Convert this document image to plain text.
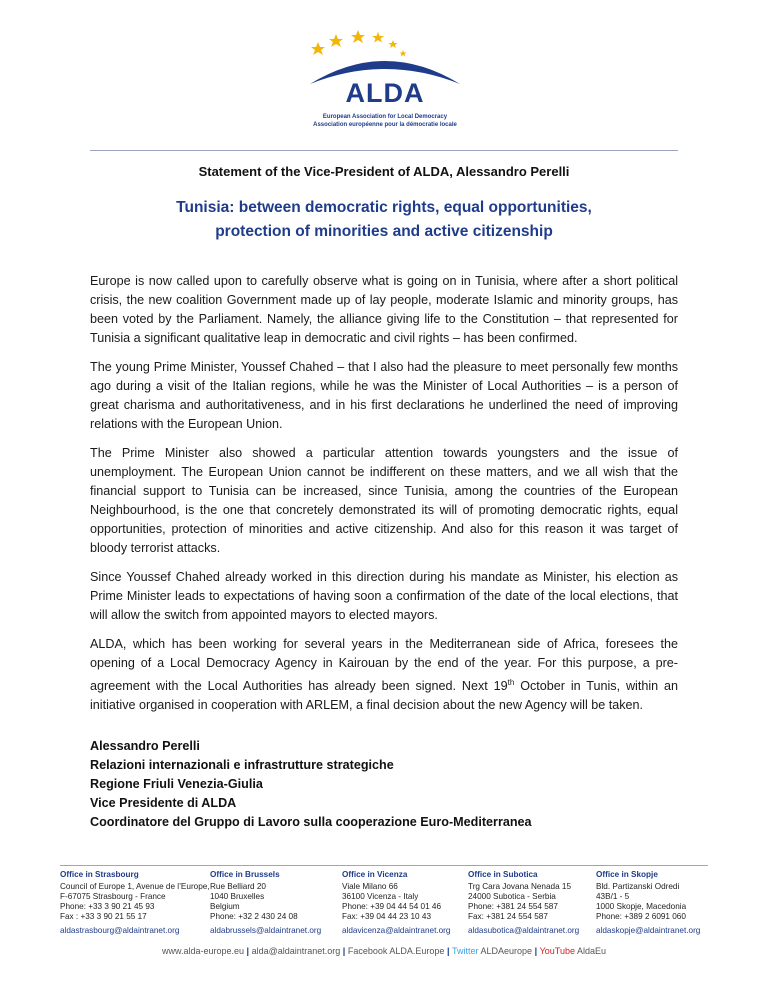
ALDA
European Association for Local Democracy
Association européenne pour la démocratie locale
Statement of the Vice-President of ALDA, Alessandro Perelli
Tunisia: between democratic rights, equal opportunities,
protection of minorities and active citizenship

Europe is now called upon to carefully observe what is going on in Tunisia, where after a short political crisis, the new coalition Government made up of lay people, moderate Islamic and minority groups, has been voted by the Parliament. Namely, the alliance giving life to the Constitution – that represented for Tunisia a significant qualitative leap in democratic and civil rights – has been confirmed.

The young Prime Minister, Youssef Chahed – that I also had the pleasure to meet personally few months ago during a visit of the Italian regions, while he was the Minister of Local Authorities – is a person of great charisma and authoritativeness, and in his first declarations he underlined the need of improving relations with the European Union.

The Prime Minister also showed a particular attention towards youngsters and the issue of unemployment. The European Union cannot be indifferent on these matters, and we all wish that the financial support to Tunisia can be increased, since Tunisia, among the countries of the European Neighbourhood, is the one that concretely demonstrated its will of promoting democratic rights, equal opportunities, protection of minorities and active citizenship. And also for this reason it was target of bloody terrorist attacks.

Since Youssef Chahed already worked in this direction during his mandate as Minister, his election as Prime Minister leads to expectations of having soon a confirmation of the date of the local elections, that will allow the switch from appointed mayors to elected mayors.

ALDA, which has been working for several years in the Mediterranean side of Africa, foresees the opening of a Local Democracy Agency in Kairouan by the end of the year. For this purpose, a pre-agreement with the Local Authorities has already been signed. Next 19th October in Tunis, within an initiative organised in cooperation with ARLEM, a final decision about the new Agency will be taken.

Alessandro Perelli
Relazioni internazionali e infrastrutture strategiche
Regione Friuli Venezia-Giulia
Vice Presidente di ALDA
Coordinatore del Gruppo di Lavoro sulla cooperazione Euro-Mediterranea
Office in Strasbourg
Council of Europe 1, Avenue de l’Europe,
F-67075 Strasbourg - France
Phone: +33 3 90 21 45 93
Fax : +33 3 90 21 55 17
aldastrasbourg@aldaintranet.org
Office in Brussels
Rue Belliard 20
1040 Bruxelles
Belgium
Phone: +32 2 430 24 08
aldabrussels@aldaintranet.org
Office in Vicenza
Viale Milano 66
36100 Vicenza - Italy
Phone: +39 04 44 54 01 46
Fax: +39 04 44 23 10 43
aldavicenza@aldaintranet.org
Office in Subotica
Trg Cara Jovana Nenada 15
24000 Subotica - Serbia
Phone: +381 24 554 587
Fax: +381 24 554 587
aldasubotica@aldaintranet.org
Office in Skopje
Bld. Partizanski Odredi
43B/1 - 5
1000 Skopje, Macedonia
Phone: +389 2 6091 060
aldaskopje@aldaintranet.org
www.alda-europe.eu | alda@aldaintranet.org | Facebook ALDA.Europe | Twitter ALDAeurope | YouTube AldaEu
